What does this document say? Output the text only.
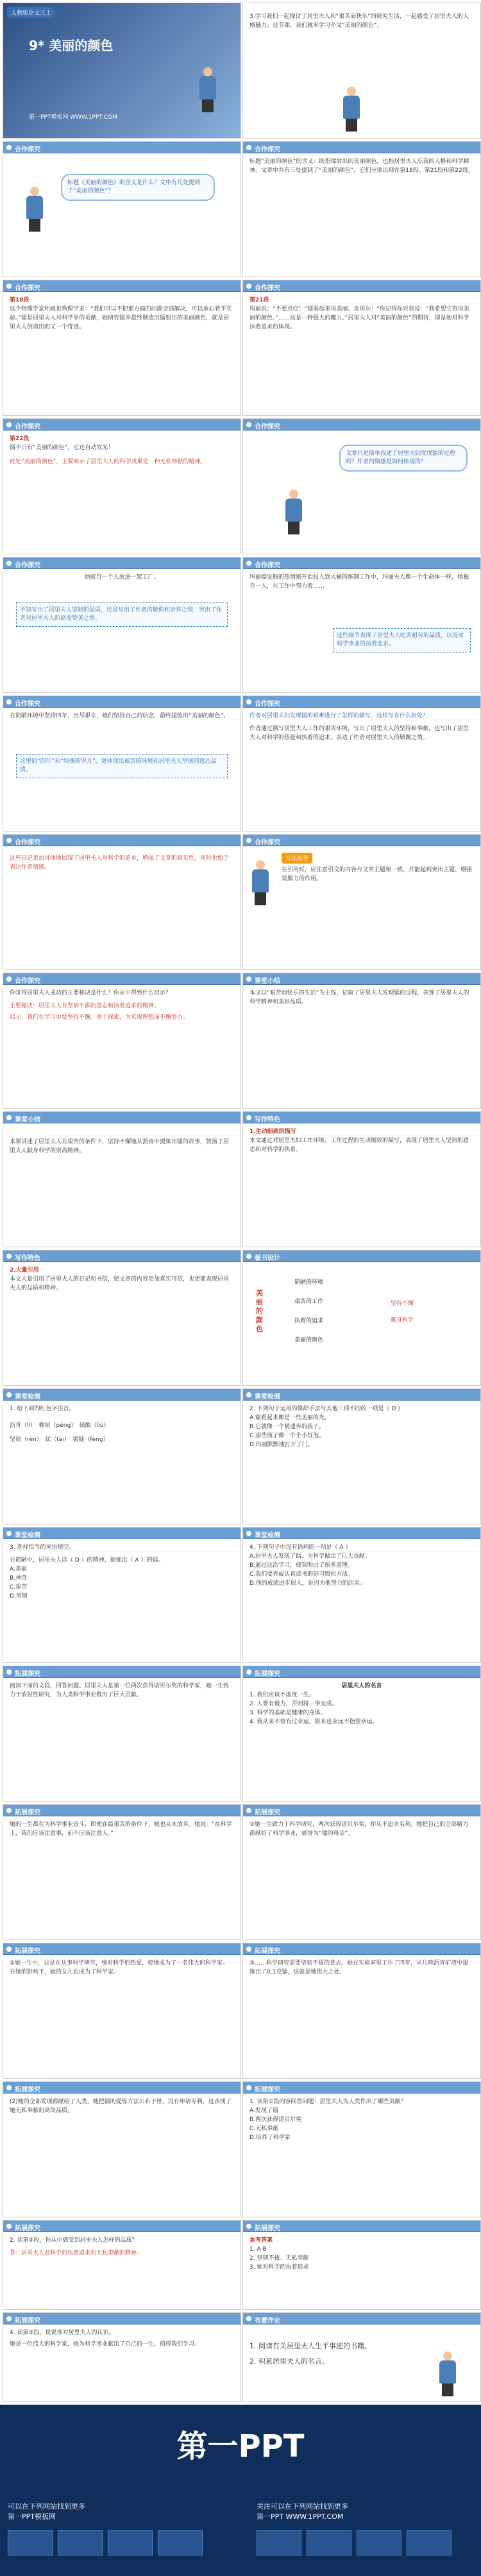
人教版语文三上
9* 美丽的颜色
第一PPT模板网 WWW.1PPT.COM
3.学习我们一起探讨了居里夫人和“艰苦而快乐”的研究生活，一起感受了居里夫人的人格魅力；这节课，我们就来学习介文“美丽的颜色”。
合作探究
标题《美丽的颜色》的含义是什么？文中有几处提到了“美丽的颜色”？
合作探究
标题“美丽的颜色”的含义：既指镭射出的美丽颜色，也指居里夫人忘我的人格和科学精神。文章中共有三处提到了“美丽的颜色”，它们分别出现在第18段、第21段和第22段。
合作探究
第18段
这个物理学家和她也物理学家：“我们可以不把那方面的问题全部解决，可以放心着手实验。”镭是居里夫人对科学界的贡献，她研究镭并最终制造出镭射出的美丽颜色，就是居里夫人创造出的又一个奇迹。
合作探究
第21段
玛丽说：“不要点灯！”镭看起来很美丽。皮埃尔：“你记得你对我说：“我希望它有很美丽的颜色。”……这是一种强大的魔力。”居里夫人对“美丽的颜色”的期待，即是她对科学执着追求的体现。
合作探究
第22段
镭不只有“美丽的颜色”，它还自动发光！
此处“美丽的颜色”，主要暗示了居里夫人的科学成果是一种无私奉献的精神。
合作探究
文章只是简单叙述了居里夫妇发现镭的过程吗？作者的情感是如何体现的？
合作探究
她就自一个人放进一架工厂。
不知写出了居里夫人坚韧的品质，还是写出了作者的敬仰和崇拜之情，突出了作者对居里夫人的高度赞美之情。
合作探究
玛丽爆发般的热情刚开始投入到大桶的炼制工作中，玛丽夫人像一个生命体一样，她独自一人，在工作中努力着……
这些细节表现了居里夫人吃苦耐劳的品质，以及对科学事业的执着追求。
合作探究
在简陋环境中坚持四年，历尽艰辛，她们坚持自己的信念，最终提炼出“美丽的颜色”。
这里的“四年”和“特殊的岁月”，更体现出艰苦的环境和居里夫人坚韧的意志品质。
合作探究
作者对居里夫妇发现镭的艰难进行了怎样的描写，这样写有什么好处？
作者通过描写居里夫人工作的艰苦环境，写出了居里夫人的坚持和奉献，也写出了居里夫人对科学的热爱和执着的追求，表达了作者对居里夫人的敬佩之情。
合作探究
这些日记更加具体地展现了居里夫人对科学的追求，增强了文章的真实性，同时也便于表达作者情感。
合作探究
方法指导
在引用时，应注意引文的内容与文章主题相一致，并能起到突出主题、增强说服力的作用。
合作探究
你觉得居里夫人成功的主要秘诀是什么？你从中得到什么启示？
主要秘诀：居里夫人有坚韧不拔的意志和执着追求的精神。
启示：我们在学习中要坚持不懈、勇于探索，为实现理想而不懈努力。
课堂小结
本文以“艰苦而快乐的生活”为主线，记叙了居里夫人发现镭的过程，表现了居里夫人的科学精神和美好品质。
课堂小结
本课讲述了居里夫人在艰苦的条件下，坚持不懈地从沥青中提炼出镭的故事，赞扬了居里夫人献身科学的崇高精神。
写作特色
1.生动细致的描写
本文通过对居里夫妇工作环境、工作过程的生动细致的描写，表现了居里夫人坚韧的意志和对科学的执着。
写作特色
2.大量引用
本文大量引用了居里夫人的日记和书信，使文章的内容更加真实可信，也更能表现居里夫人的品质和精神。
板书设计
美丽的颜色
简陋的环境
艰苦的工作
执着的追求
美丽的颜色
坚持不懈
献身科学
课堂检测
1. 给下面的红色字注音。
沥青（lì）　 棚屋（péng）　 硫酸（liú）
坚韧（rèn）　 钛（tài）　 裂缝（fèng）
课堂检测
2. 下列句子运用的修辞手法与其他三项不同的一项是（ D ）
A.镭看起来像是一些美丽的光。
B.它就像一个被遗弃的孩子。
C.那些瓶子像一个个小灯泡。
D.玛丽默默地打开了门。
课堂检测
3. 选择恰当的词语填空。
在简陋中，居里夫人以（ D ）的精神，提炼出（ A ）的镭。
A.美丽
B.神奇
C.艰苦
D.坚韧
课堂检测
4. 下列句子中没有语病的一项是（ A ）
A.居里夫人发现了镭，为科学做出了巨大贡献。
B.通过这次学习，使我明白了很多道理。
C.我们要养成认真读书的好习惯和方法。
D.他的成绩进步很大，是因为他努力的结果。
拓展探究
阅读下面的文段，回答问题。居里夫人是第一位两次获得诺贝尔奖的科学家，她一生致力于放射性研究，为人类科学事业做出了巨大贡献。
拓展探究
居里夫人的名言
1. 我们应该不虚度一生。
2. 人要有毅力，否则将一事无成。
3. 科学的基础是健康的身体。
4. 我从来不曾有过幸运，将来也永远不指望幸运。
拓展探究
她的一生都在为科学事业奋斗，即使在最艰苦的条件下，她也从未放弃。她说：“在科学上，我们应该注意事，而不应该注意人。”
拓展探究
②她一生致力于科学研究，两次获得诺贝尔奖，却从不追求名利。她把自己的全部精力都献给了科学事业，被誉为“镭的母亲”。
拓展探究
①她一生中，总是在从事科学研究，她对科学的热爱，使她成为了一名伟大的科学家。在她的影响下，她的女儿也成为了科学家。
拓展探究
③……科学研究需要坚韧不拔的意志。她在实验室里工作了四年，从几吨沥青矿渣中提炼出了0.1克镭，这就是她伟大之处。
拓展探究
(2)她的全部发现都献给了人类，她把镭的提炼方法公布于世，没有申请专利，这表现了她无私奉献的高尚品质。
拓展探究
1. 读第①段内容回答问题：居里夫人为人类作出了哪些贡献？
A.发现了镭
B.两次获得诺贝尔奖
C.无私奉献
D.培养了科学家
拓展探究
2. 读第②段，你从中感受到居里夫人怎样的品质？
答：居里夫人对科学的执着追求和无私奉献的精神。
拓展探究
参考答案
1. A B
2. 坚韧不拔、无私奉献
3. 她对科学的执着追求
拓展探究
4. 读第③段，说说你对居里夫人的认识。
她是一位伟大的科学家，她为科学事业献出了自己的一生，值得我们学习。
布置作业
1. 阅读有关居里夫人生平事迹的书籍。
2. 积累居里夫人的名言。
第一PPT
可以在下列网站找到更多
第一PPT模板网
关注可以在下列网站找到更多
第一PPT WWW.1PPT.COM
